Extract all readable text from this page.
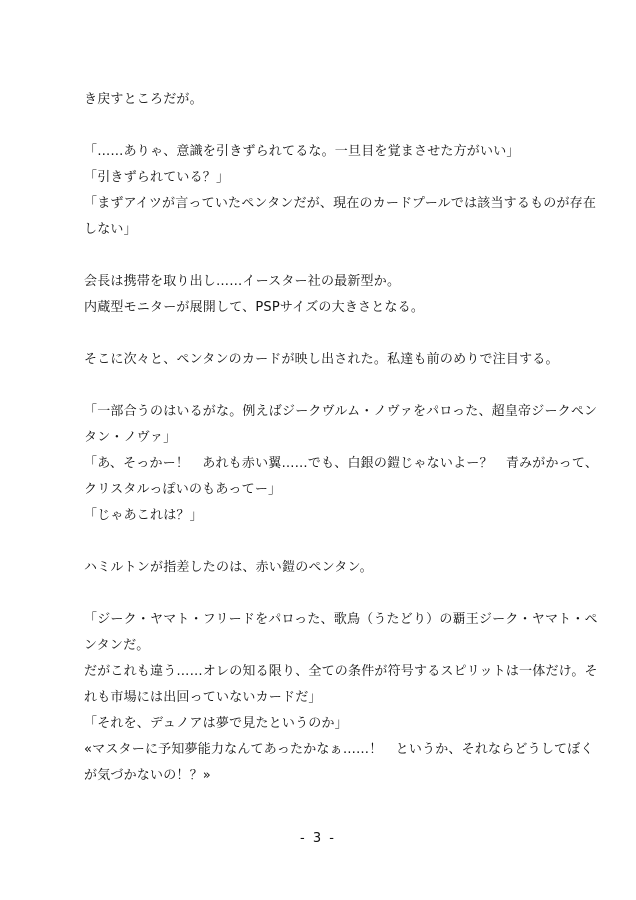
き戻すところだが。
「……ありゃ、意識を引きずられてるな。一旦目を覚まさせた方がいい」
「引きずられている？」
「まずアイツが言っていたペンタンだが、現在のカードプールでは該当するものが存在
しない」
会長は携帯を取り出し……イースター社の最新型か。
内蔵型モニターが展開して、PSPサイズの大きさとなる。
そこに次々と、ペンタンのカードが映し出された。私達も前のめりで注目する。
「一部合うのはいるがな。例えばジークヴルム・ノヴァをパロった、超皇帝ジークペン
タン・ノヴァ」
「あ、そっかー！　あれも赤い翼……でも、白銀の鎧じゃないよー？　青みがかって、
クリスタルっぽいのもあってー」
「じゃあこれは？」
ハミルトンが指差したのは、赤い鎧のペンタン。
「ジーク・ヤマト・フリードをパロった、歌鳥（うたどり）の覇王ジーク・ヤマト・ペ
ンタンだ。
だがこれも違う……オレの知る限り、全ての条件が符号するスピリットは一体だけ。そ
れも市場には出回っていないカードだ」
「それを、デュノアは夢で見たというのか」
«マスターに予知夢能力なんてあったかなぁ……！　というか、それならどうしてぼく
が気づかないの！？»
- 3 -
